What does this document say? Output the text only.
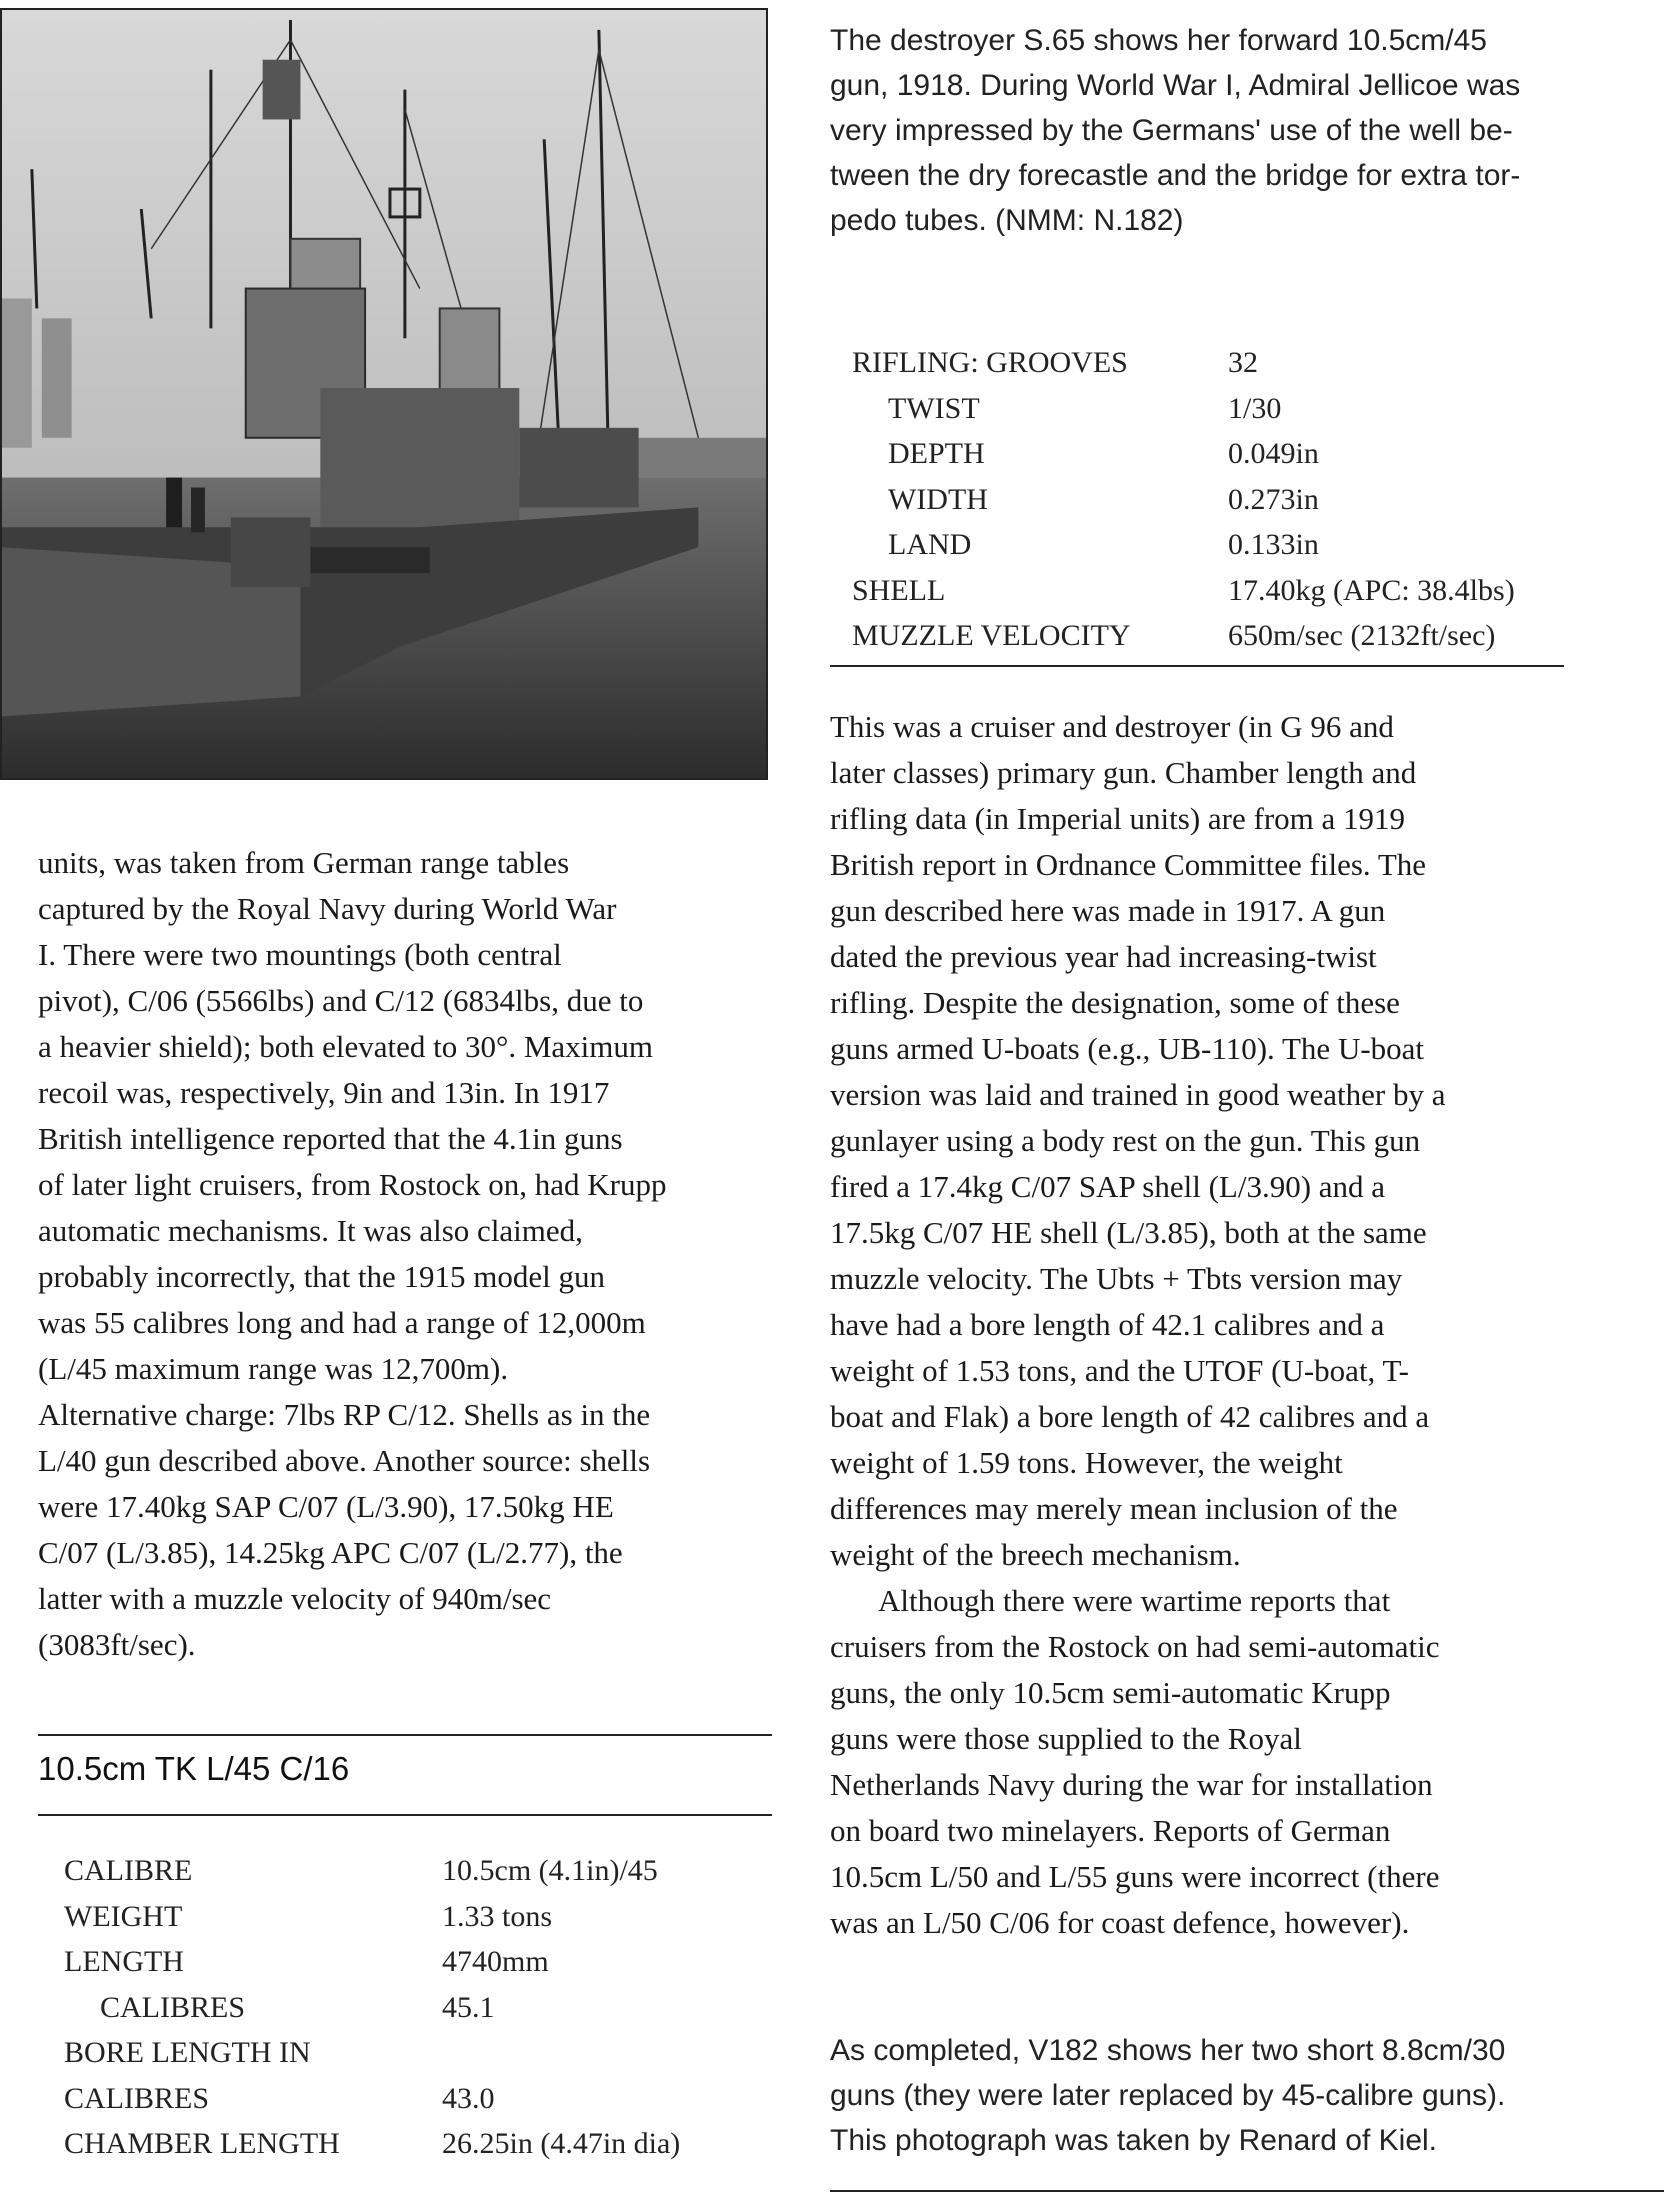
The destroyer S.65 shows her forward 10.5cm/45
gun, 1918. During World War I, Admiral Jellicoe was
very impressed by the Germans' use of the well be-
tween the dry forecastle and the bridge for extra tor-
pedo tubes. (NMM: N.182)
RIFLING: GROOVES	32
TWIST	1/30
DEPTH	0.049in
WIDTH	0.273in
LAND	0.133in
SHELL	17.40kg (APC: 38.4lbs)
MUZZLE VELOCITY	650m/sec (2132ft/sec)
units, was taken from German range tables
captured by the Royal Navy during World War
I. There were two mountings (both central
pivot), C/06 (5566lbs) and C/12 (6834lbs, due to
a heavier shield); both elevated to 30°. Maximum
recoil was, respectively, 9in and 13in. In 1917
British intelligence reported that the 4.1in guns
of later light cruisers, from Rostock on, had Krupp
automatic mechanisms. It was also claimed,
probably incorrectly, that the 1915 model gun
was 55 calibres long and had a range of 12,000m
(L/45 maximum range was 12,700m).
Alternative charge: 7lbs RP C/12. Shells as in the
L/40 gun described above. Another source: shells
were 17.40kg SAP C/07 (L/3.90), 17.50kg HE
C/07 (L/3.85), 14.25kg APC C/07 (L/2.77), the
latter with a muzzle velocity of 940m/sec
(3083ft/sec).
10.5cm TK L/45 C/16
CALIBRE	10.5cm (4.1in)/45
WEIGHT	1.33 tons
LENGTH	4740mm
CALIBRES	45.1
BORE LENGTH IN
CALIBRES	43.0
CHAMBER LENGTH	26.25in (4.47in dia)
This was a cruiser and destroyer (in G 96 and
later classes) primary gun. Chamber length and
rifling data (in Imperial units) are from a 1919
British report in Ordnance Committee files. The
gun described here was made in 1917. A gun
dated the previous year had increasing-twist
rifling. Despite the designation, some of these
guns armed U-boats (e.g., UB-110). The U-boat
version was laid and trained in good weather by a
gunlayer using a body rest on the gun. This gun
fired a 17.4kg C/07 SAP shell (L/3.90) and a
17.5kg C/07 HE shell (L/3.85), both at the same
muzzle velocity. The Ubts + Tbts version may
have had a bore length of 42.1 calibres and a
weight of 1.53 tons, and the UTOF (U-boat, T-
boat and Flak) a bore length of 42 calibres and a
weight of 1.59 tons. However, the weight
differences may merely mean inclusion of the
weight of the breech mechanism.
Although there were wartime reports that
cruisers from the Rostock on had semi-automatic
guns, the only 10.5cm semi-automatic Krupp
guns were those supplied to the Royal
Netherlands Navy during the war for installation
on board two minelayers. Reports of German
10.5cm L/50 and L/55 guns were incorrect (there
was an L/50 C/06 for coast defence, however).
As completed, V182 shows her two short 8.8cm/30
guns (they were later replaced by 45-calibre guns).
This photograph was taken by Renard of Kiel.
